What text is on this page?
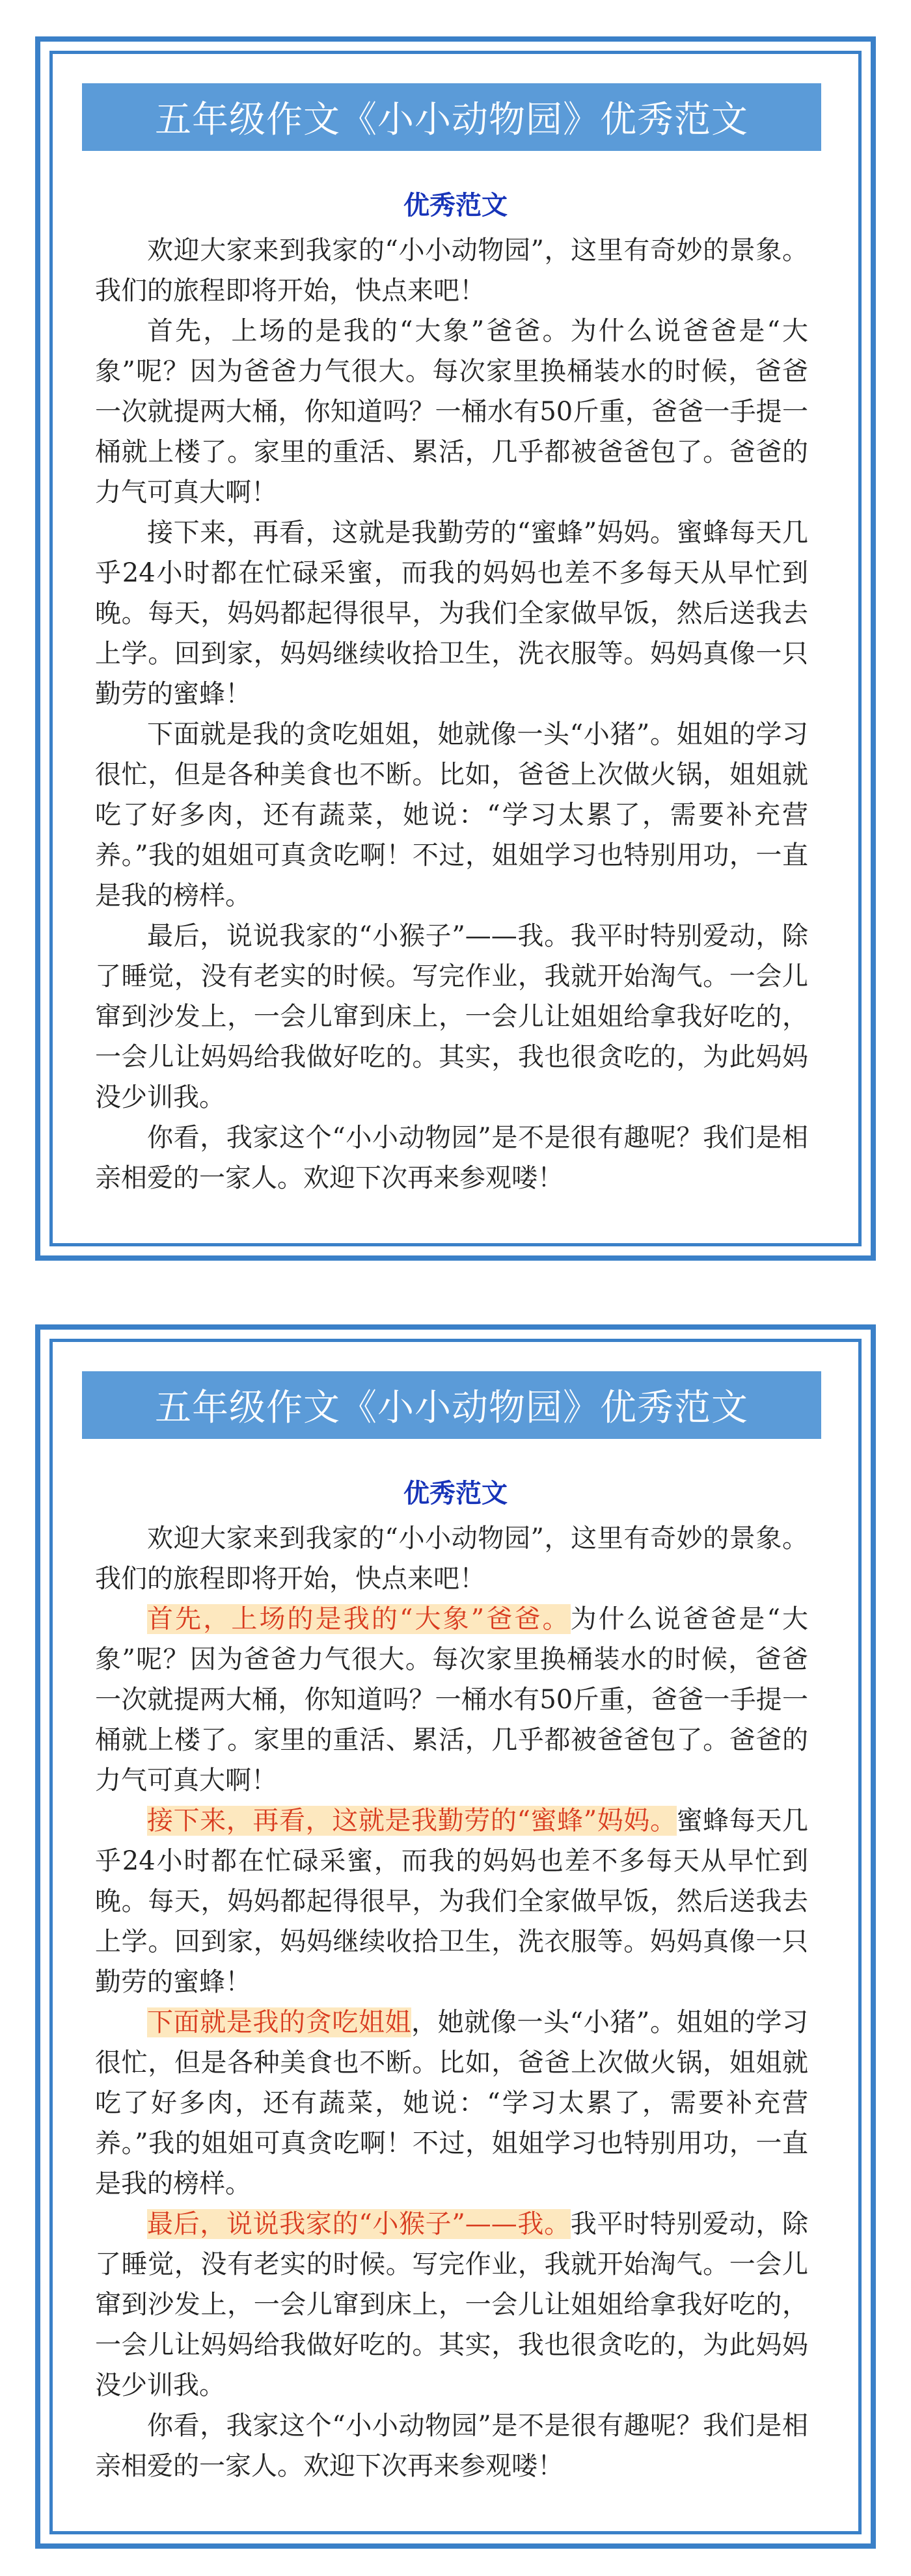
五年级作文《小小动物园》优秀范文
优秀范文

欢迎大家来到我家的“小小动物园”，这里有奇妙的景象。我们的旅程即将开始，快点来吧！

首先，上场的是我的“大象”爸爸。为什么说爸爸是“大象”呢？因为爸爸力气很大。每次家里换桶装水的时候，爸爸一次就提两大桶，你知道吗？一桶水有50斤重，爸爸一手提一桶就上楼了。家里的重活、累活，几乎都被爸爸包了。爸爸的力气可真大啊！

接下来，再看，这就是我勤劳的“蜜蜂”妈妈。蜜蜂每天几乎24小时都在忙碌采蜜，而我的妈妈也差不多每天从早忙到晚。每天，妈妈都起得很早，为我们全家做早饭，然后送我去上学。回到家，妈妈继续收拾卫生，洗衣服等。妈妈真像一只勤劳的蜜蜂！

下面就是我的贪吃姐姐，她就像一头“小猪”。姐姐的学习很忙，但是各种美食也不断。比如，爸爸上次做火锅，姐姐就吃了好多肉，还有蔬菜，她说：“学习太累了，需要补充营养。”我的姐姐可真贪吃啊！不过，姐姐学习也特别用功，一直是我的榜样。

最后，说说我家的“小猴子”——我。我平时特别爱动，除了睡觉，没有老实的时候。写完作业，我就开始淘气。一会儿窜到沙发上，一会儿窜到床上，一会儿让姐姐给拿我好吃的，一会儿让妈妈给我做好吃的。其实，我也很贪吃的，为此妈妈没少训我。

你看，我家这个“小小动物园”是不是很有趣呢？我们是相亲相爱的一家人。欢迎下次再来参观喽！

五年级作文《小小动物园》优秀范文
优秀范文

欢迎大家来到我家的“小小动物园”，这里有奇妙的景象。我们的旅程即将开始，快点来吧！

首先，上场的是我的“大象”爸爸。为什么说爸爸是“大象”呢？因为爸爸力气很大。每次家里换桶装水的时候，爸爸一次就提两大桶，你知道吗？一桶水有50斤重，爸爸一手提一桶就上楼了。家里的重活、累活，几乎都被爸爸包了。爸爸的力气可真大啊！

接下来，再看，这就是我勤劳的“蜜蜂”妈妈。蜜蜂每天几乎24小时都在忙碌采蜜，而我的妈妈也差不多每天从早忙到晚。每天，妈妈都起得很早，为我们全家做早饭，然后送我去上学。回到家，妈妈继续收拾卫生，洗衣服等。妈妈真像一只勤劳的蜜蜂！

下面就是我的贪吃姐姐，她就像一头“小猪”。姐姐的学习很忙，但是各种美食也不断。比如，爸爸上次做火锅，姐姐就吃了好多肉，还有蔬菜，她说：“学习太累了，需要补充营养。”我的姐姐可真贪吃啊！不过，姐姐学习也特别用功，一直是我的榜样。

最后，说说我家的“小猴子”——我。我平时特别爱动，除了睡觉，没有老实的时候。写完作业，我就开始淘气。一会儿窜到沙发上，一会儿窜到床上，一会儿让姐姐给拿我好吃的，一会儿让妈妈给我做好吃的。其实，我也很贪吃的，为此妈妈没少训我。

你看，我家这个“小小动物园”是不是很有趣呢？我们是相亲相爱的一家人。欢迎下次再来参观喽！
